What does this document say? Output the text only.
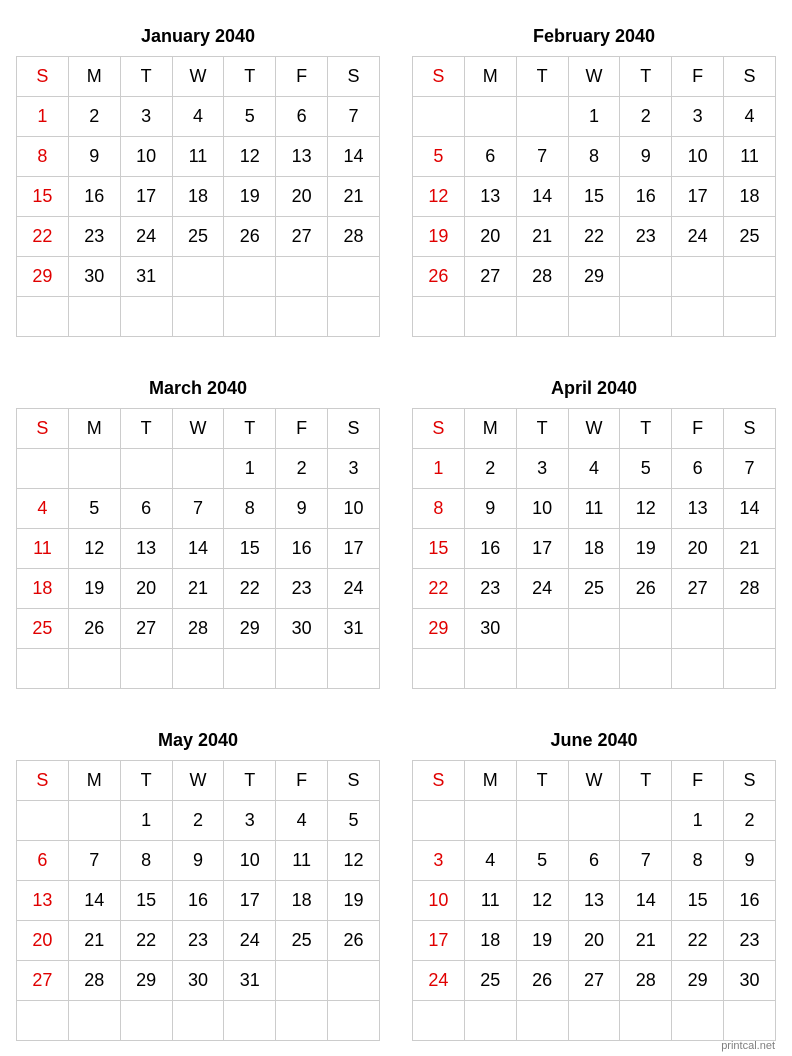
January 2040
S	M	T	W	T	F	S
1	2	3	4	5	6	7
8	9	10	11	12	13	14
15	16	17	18	19	20	21
22	23	24	25	26	27	28
29	30	31				

February 2040
S	M	T	W	T	F	S
			1	2	3	4
5	6	7	8	9	10	11
12	13	14	15	16	17	18
19	20	21	22	23	24	25
26	27	28	29			

March 2040
S	M	T	W	T	F	S
				1	2	3
4	5	6	7	8	9	10
11	12	13	14	15	16	17
18	19	20	21	22	23	24
25	26	27	28	29	30	31

April 2040
S	M	T	W	T	F	S
1	2	3	4	5	6	7
8	9	10	11	12	13	14
15	16	17	18	19	20	21
22	23	24	25	26	27	28
29	30					

May 2040
S	M	T	W	T	F	S
		1	2	3	4	5
6	7	8	9	10	11	12
13	14	15	16	17	18	19
20	21	22	23	24	25	26
27	28	29	30	31		

June 2040
S	M	T	W	T	F	S
					1	2
3	4	5	6	7	8	9
10	11	12	13	14	15	16
17	18	19	20	21	22	23
24	25	26	27	28	29	30

printcal.net
